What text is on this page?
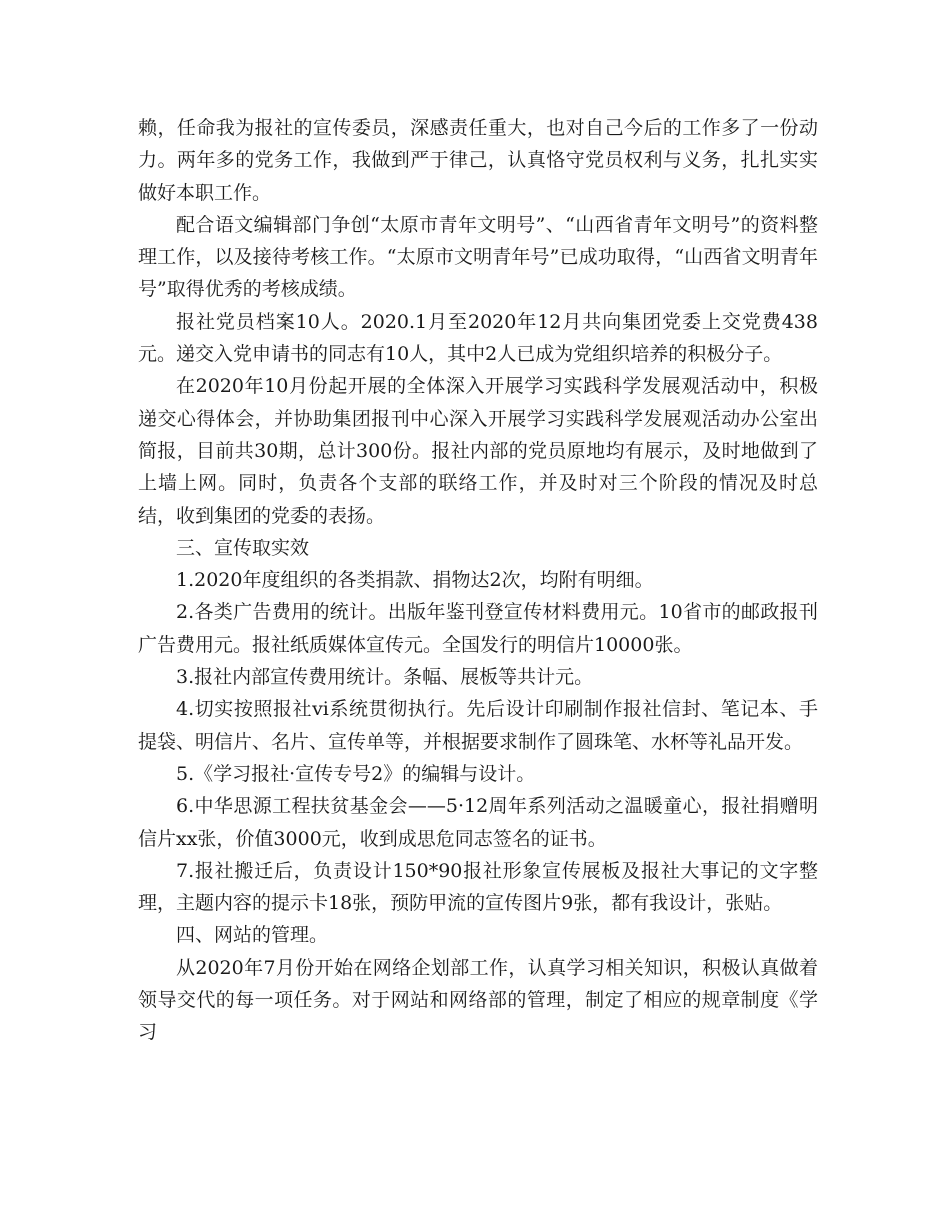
赖，任命我为报社的宣传委员，深感责任重大，也对自己今后的工作多了一份动力。两年多的党务工作，我做到严于律己，认真恪守党员权利与义务，扎扎实实做好本职工作。

配合语文编辑部门争创“太原市青年文明号”、“山西省青年文明号”的资料整理工作，以及接待考核工作。“太原市文明青年号”已成功取得，“山西省文明青年号”取得优秀的考核成绩。

报社党员档案10人。2020.1月至2020年12月共向集团党委上交党费438元。递交入党申请书的同志有10人，其中2人已成为党组织培养的积极分子。

在2020年10月份起开展的全体深入开展学习实践科学发展观活动中，积极递交心得体会，并协助集团报刊中心深入开展学习实践科学发展观活动办公室出简报，目前共30期，总计300份。报社内部的党员原地均有展示，及时地做到了上墙上网。同时，负责各个支部的联络工作，并及时对三个阶段的情况及时总结，收到集团的党委的表扬。

三、宣传取实效

1.2020年度组织的各类捐款、捐物达2次，均附有明细。

2.各类广告费用的统计。出版年鉴刊登宣传材料费用元。10省市的邮政报刊广告费用元。报社纸质媒体宣传元。全国发行的明信片10000张。

3.报社内部宣传费用统计。条幅、展板等共计元。

4.切实按照报社vi系统贯彻执行。先后设计印刷制作报社信封、笔记本、手提袋、明信片、名片、宣传单等，并根据要求制作了圆珠笔、水杯等礼品开发。

5.《学习报社·宣传专号2》的编辑与设计。

6.中华思源工程扶贫基金会——5·12周年系列活动之温暖童心，报社捐赠明信片xx张，价值3000元，收到成思危同志签名的证书。

7.报社搬迁后，负责设计150*90报社形象宣传展板及报社大事记的文字整理，主题内容的提示卡18张，预防甲流的宣传图片9张，都有我设计，张贴。

四、网站的管理。

从2020年7月份开始在网络企划部工作，认真学习相关知识，积极认真做着领导交代的每一项任务。对于网站和网络部的管理，制定了相应的规章制度《学习
